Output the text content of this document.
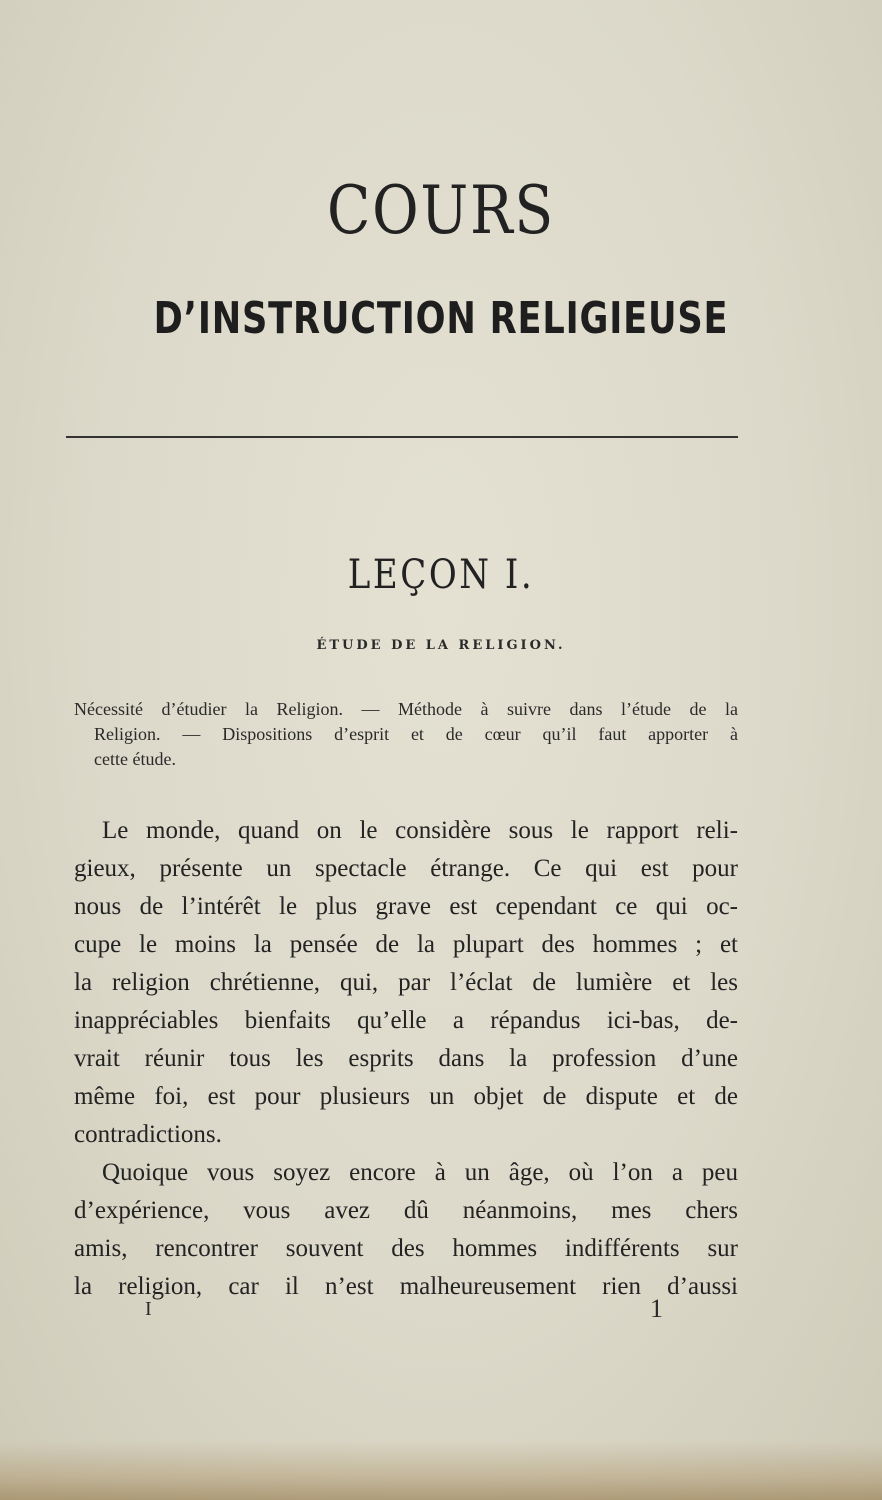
COURS
D’INSTRUCTION RELIGIEUSE
LEÇON I.
ÉTUDE DE LA RELIGION.
Nécessité d’étudier la Religion. — Méthode à suivre dans l’étude de la
Religion. — Dispositions d’esprit et de cœur qu’il faut apporter à
cette étude.

Le monde, quand on le considère sous le rapport reli-
gieux, présente un spectacle étrange. Ce qui est pour
nous de l’intérêt le plus grave est cependant ce qui oc-
cupe le moins la pensée de la plupart des hommes ; et
la religion chrétienne, qui, par l’éclat de lumière et les
inappréciables bienfaits qu’elle a répandus ici-bas, de-
vrait réunir tous les esprits dans la profession d’une
même foi, est pour plusieurs un objet de dispute et de
contradictions.

Quoique vous soyez encore à un âge, où l’on a peu
d’expérience, vous avez dû néanmoins, mes chers
amis, rencontrer souvent des hommes indifférents sur
la religion, car il n’est malheureusement rien d’aussi

I	1
